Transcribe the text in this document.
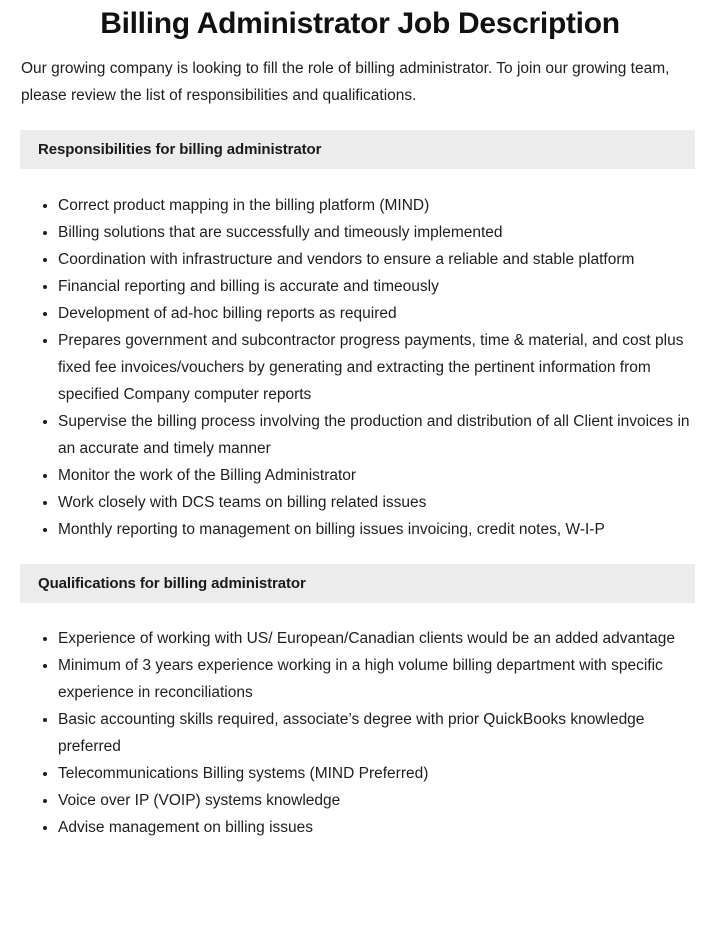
Billing Administrator Job Description

Our growing company is looking to fill the role of billing administrator. To join our growing team, please review the list of responsibilities and qualifications.

Responsibilities for billing administrator
Correct product mapping in the billing platform (MIND)
Billing solutions that are successfully and timeously implemented
Coordination with infrastructure and vendors to ensure a reliable and stable platform
Financial reporting and billing is accurate and timeously
Development of ad-hoc billing reports as required
Prepares government and subcontractor progress payments, time & material, and cost plus fixed fee invoices/vouchers by generating and extracting the pertinent information from specified Company computer reports
Supervise the billing process involving the production and distribution of all Client invoices in an accurate and timely manner
Monitor the work of the Billing Administrator
Work closely with DCS teams on billing related issues
Monthly reporting to management on billing issues invoicing, credit notes, W-I-P
Qualifications for billing administrator
Experience of working with US/ European/Canadian clients would be an added advantage
Minimum of 3 years experience working in a high volume billing department with specific experience in reconciliations
Basic accounting skills required, associate’s degree with prior QuickBooks knowledge preferred
Telecommunications Billing systems (MIND Preferred)
Voice over IP (VOIP) systems knowledge
Advise management on billing issues
